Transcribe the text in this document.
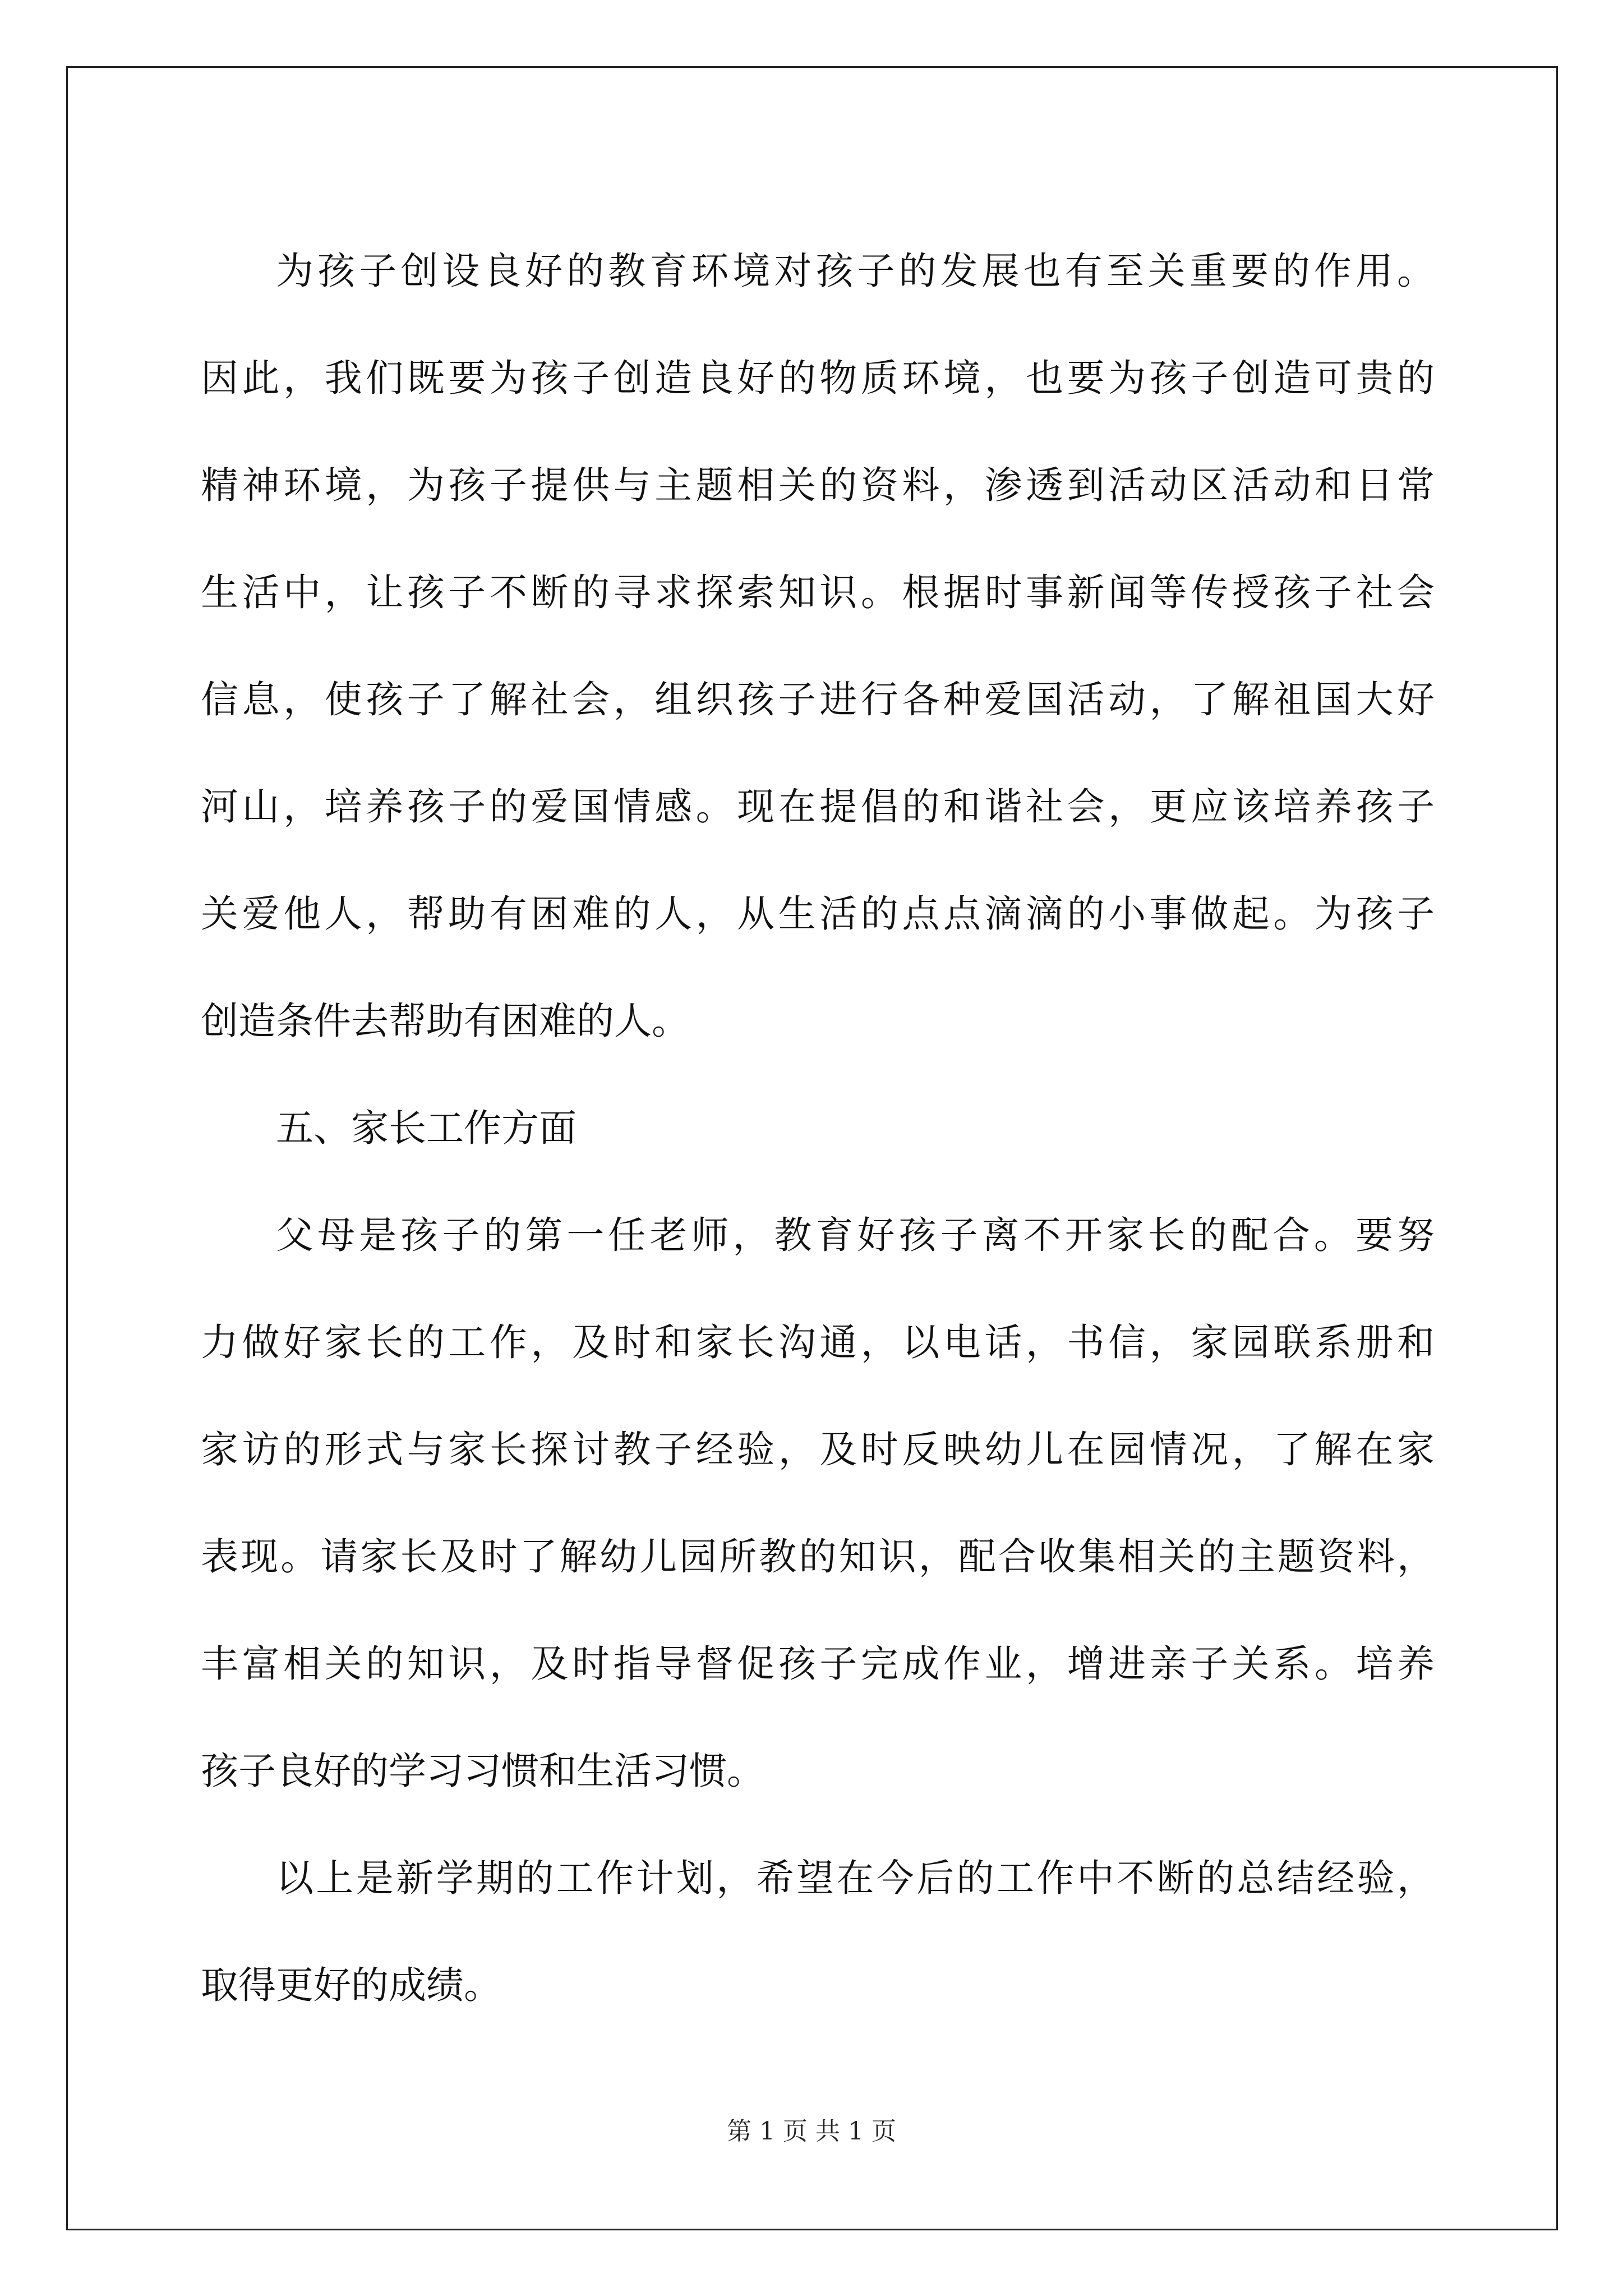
为孩子创设良好的教育环境对孩子的发展也有至关重要的作用。
因此，我们既要为孩子创造良好的物质环境，也要为孩子创造可贵的
精神环境，为孩子提供与主题相关的资料，渗透到活动区活动和日常
生活中，让孩子不断的寻求探索知识。根据时事新闻等传授孩子社会
信息，使孩子了解社会，组织孩子进行各种爱国活动，了解祖国大好
河山，培养孩子的爱国情感。现在提倡的和谐社会，更应该培养孩子
关爱他人，帮助有困难的人，从生活的点点滴滴的小事做起。为孩子
创造条件去帮助有困难的人。
五、家长工作方面
父母是孩子的第一任老师，教育好孩子离不开家长的配合。要努
力做好家长的工作，及时和家长沟通，以电话，书信，家园联系册和
家访的形式与家长探讨教子经验，及时反映幼儿在园情况，了解在家
表现。请家长及时了解幼儿园所教的知识，配合收集相关的主题资料，
丰富相关的知识，及时指导督促孩子完成作业，增进亲子关系。培养
孩子良好的学习习惯和生活习惯。
以上是新学期的工作计划，希望在今后的工作中不断的总结经验，
取得更好的成绩。
第 1 页 共 1 页
